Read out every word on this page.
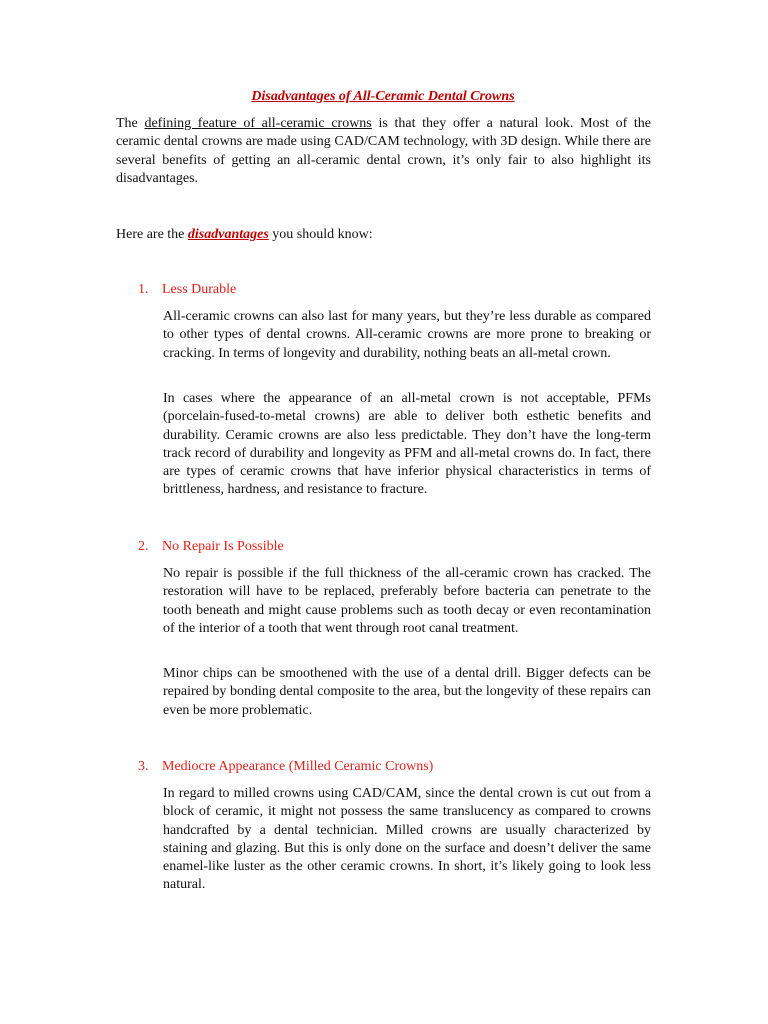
Disadvantages of All-Ceramic Dental Crowns

The defining feature of all-ceramic crowns is that they offer a natural look. Most of the ceramic dental crowns are made using CAD/CAM technology, with 3D design. While there are several benefits of getting an all-ceramic dental crown, it’s only fair to also highlight its disadvantages.

Here are the disadvantages you should know:
1. Less Durable

All-ceramic crowns can also last for many years, but they’re less durable as compared to other types of dental crowns. All-ceramic crowns are more prone to breaking or cracking. In terms of longevity and durability, nothing beats an all-metal crown.

In cases where the appearance of an all-metal crown is not acceptable, PFMs (porcelain-fused-to-metal crowns) are able to deliver both esthetic benefits and durability. Ceramic crowns are also less predictable. They don’t have the long-term track record of durability and longevity as PFM and all-metal crowns do. In fact, there are types of ceramic crowns that have inferior physical characteristics in terms of brittleness, hardness, and resistance to fracture.

2. No Repair Is Possible

No repair is possible if the full thickness of the all-ceramic crown has cracked. The restoration will have to be replaced, preferably before bacteria can penetrate to the tooth beneath and might cause problems such as tooth decay or even recontamination of the interior of a tooth that went through root canal treatment.

Minor chips can be smoothened with the use of a dental drill. Bigger defects can be repaired by bonding dental composite to the area, but the longevity of these repairs can even be more problematic.

3. Mediocre Appearance (Milled Ceramic Crowns)

In regard to milled crowns using CAD/CAM, since the dental crown is cut out from a block of ceramic, it might not possess the same translucency as compared to crowns handcrafted by a dental technician. Milled crowns are usually characterized by staining and glazing. But this is only done on the surface and doesn’t deliver the same enamel-like luster as the other ceramic crowns. In short, it’s likely going to look less natural.
